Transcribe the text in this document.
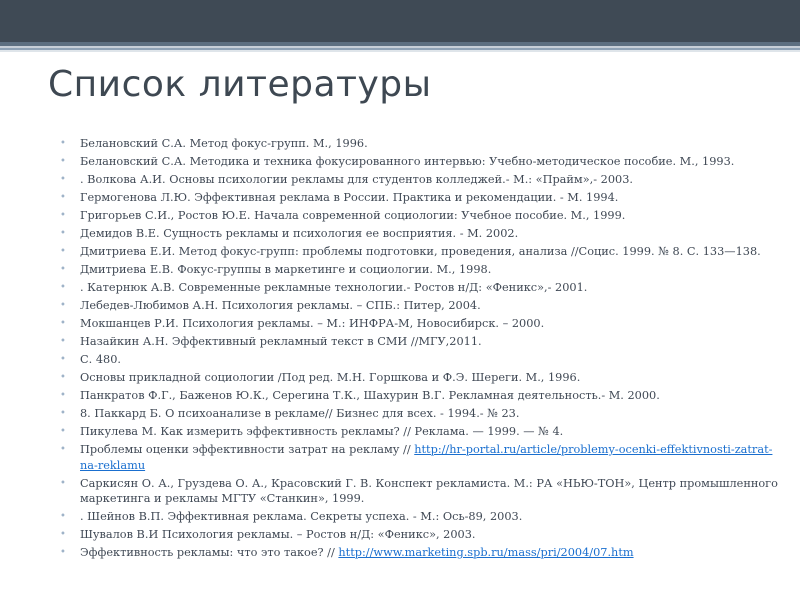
Список литературы
• Белановский С.А. Метод фокус-групп. М., 1996.
• Белановский С.А. Методика и техника фокусированного интервью: Учебно-методическое пособие. М., 1993.
• . Волкова А.И. Основы психологии рекламы для студентов колледжей.- М.: «Прайм»,- 2003.
• Гермогенова Л.Ю. Эффективная реклама в России. Практика и рекомендации. - М. 1994.
• Григорьев С.И., Ростов Ю.Е. Начала современной социологии: Учебное пособие. М., 1999.
• Демидов В.Е. Сущность рекламы и психология ее восприятия. - М. 2002.
• Дмитриева Е.И. Метод фокус-групп: проблемы подготовки, проведения, анализа //Социс. 1999. № 8. С. 133—138.
• Дмитриева Е.В. Фокус-группы в маркетинге и социологии. М., 1998.
• . Катернюк А.В. Современные рекламные технологии.- Ростов н/Д: «Феникс»,- 2001.
• Лебедев-Любимов А.Н. Психология рекламы. – СПБ.: Питер, 2004.
• Мокшанцев Р.И. Психология рекламы. – М.: ИНФРА-М, Новосибирск. – 2000.
• Назайкин А.Н. Эффективный рекламный текст в СМИ //МГУ,2011.
• С. 480.
• Основы прикладной социологии /Под ред. М.Н. Горшкова и Ф.Э. Шереги. М., 1996.
• Панкратов Ф.Г., Баженов Ю.К., Серегина Т.К., Шахурин В.Г. Рекламная деятельность.- М. 2000.
• 8. Паккард Б. О психоанализе в рекламе// Бизнес для всех. - 1994.- № 23.
• Пикулева М. Как измерить эффективность рекламы? // Реклама. — 1999. — № 4.
• Проблемы оценки эффективности затрат на рекламу // http://hr-portal.ru/article/problemy-ocenki-effektivnosti-zatrat-na-reklamu
• Саркисян О. А., Груздева О. А., Красовский Г. В. Конспект рекламиста. М.: РА «НЬЮ-ТОН», Центр промышленного маркетинга и рекламы МГТУ «Станкин», 1999.
• . Шейнов В.П. Эффективная реклама. Секреты успеха. - М.: Ось-89, 2003.
• Шувалов В.И Психология рекламы. – Ростов н/Д: «Феникс», 2003.
• Эффективность рекламы: что это такое? // http://www.marketing.spb.ru/mass/pri/2004/07.htm
